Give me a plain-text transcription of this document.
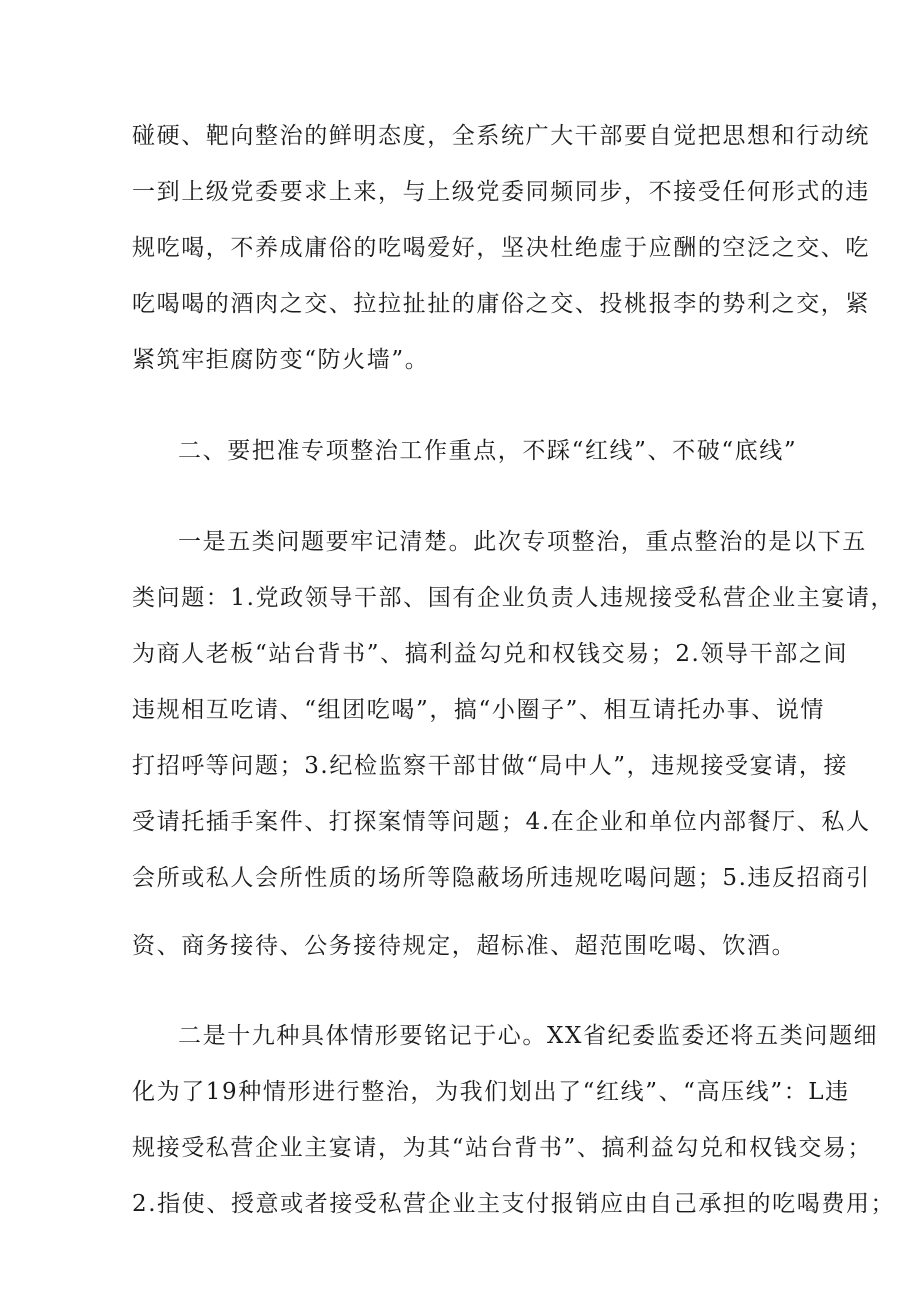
碰硬、靶向整治的鲜明态度，全系统广大干部要自觉把思想和行动统
一到上级党委要求上来，与上级党委同频同步，不接受任何形式的违
规吃喝，不养成庸俗的吃喝爱好，坚决杜绝虚于应酬的空泛之交、吃
吃喝喝的酒肉之交、拉拉扯扯的庸俗之交、投桃报李的势利之交，紧
紧筑牢拒腐防变“防火墙”。
二、要把准专项整治工作重点，不踩“红线”、不破“底线”
一是五类问题要牢记清楚。此次专项整治，重点整治的是以下五
类问题：1.党政领导干部、国有企业负责人违规接受私营企业主宴请，
为商人老板“站台背书”、搞利益勾兑和权钱交易；2.领导干部之间
违规相互吃请、“组团吃喝”，搞“小圈子”、相互请托办事、说情
打招呼等问题；3.纪检监察干部甘做“局中人”，违规接受宴请，接
受请托插手案件、打探案情等问题；4.在企业和单位内部餐厅、私人
会所或私人会所性质的场所等隐蔽场所违规吃喝问题；5.违反招商引
资、商务接待、公务接待规定，超标准、超范围吃喝、饮酒。
二是十九种具体情形要铭记于心。XX省纪委监委还将五类问题细
化为了19种情形进行整治，为我们划出了“红线”、“高压线”：L违
规接受私营企业主宴请，为其“站台背书”、搞利益勾兑和权钱交易；
2.指使、授意或者接受私营企业主支付报销应由自己承担的吃喝费用；
